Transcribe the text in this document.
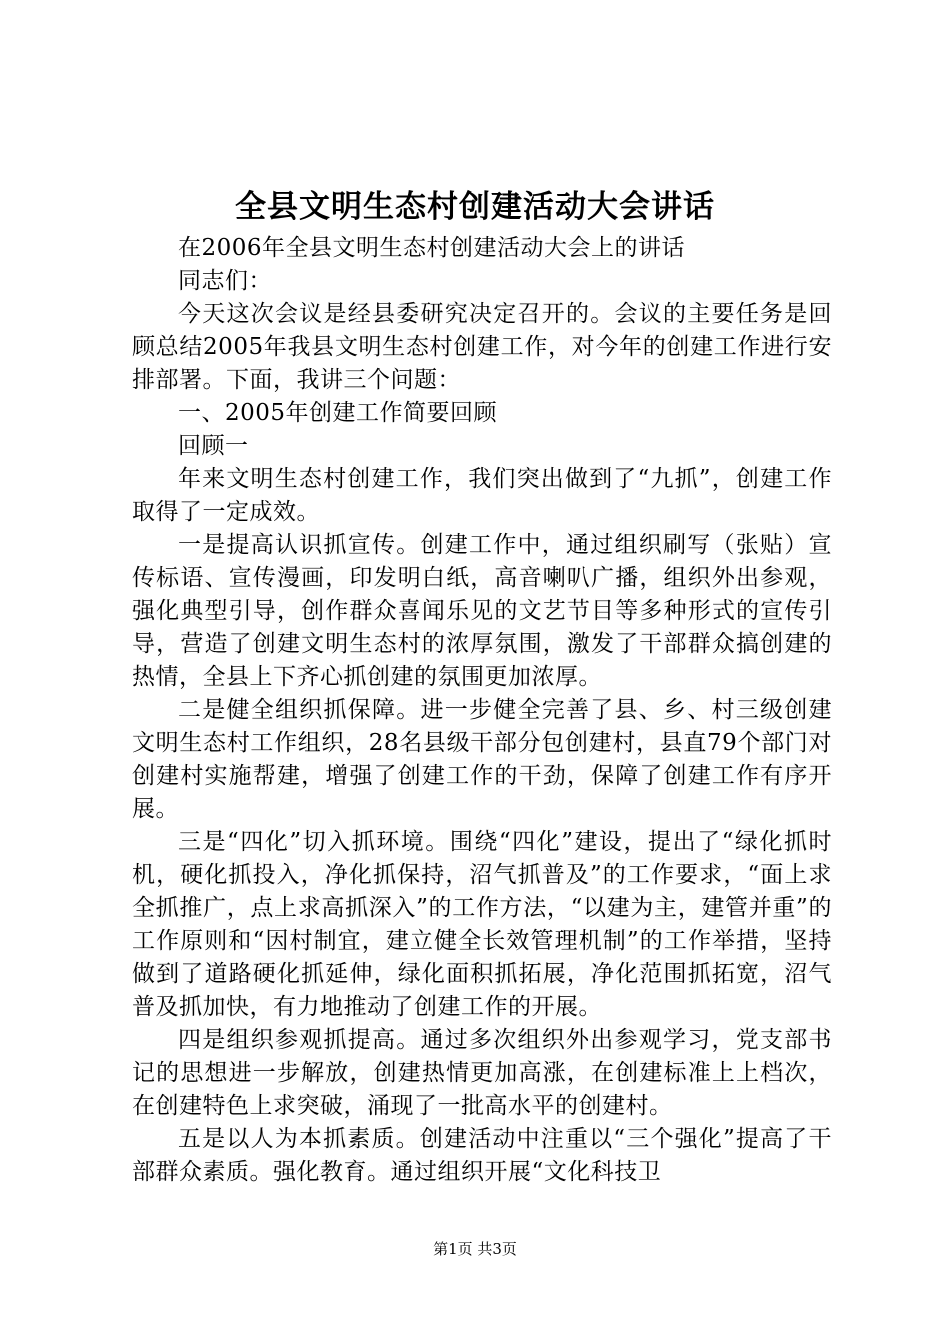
全县文明生态村创建活动大会讲话

在2006年全县文明生态村创建活动大会上的讲话

同志们：

今天这次会议是经县委研究决定召开的。会议的主要任务是回顾总结2005年我县文明生态村创建工作，对今年的创建工作进行安排部署。下面，我讲三个问题：

一、2005年创建工作简要回顾

回顾一

年来文明生态村创建工作，我们突出做到了“九抓”，创建工作取得了一定成效。

一是提高认识抓宣传。创建工作中，通过组织刷写（张贴）宣传标语、宣传漫画，印发明白纸，高音喇叭广播，组织外出参观，强化典型引导，创作群众喜闻乐见的文艺节目等多种形式的宣传引导，营造了创建文明生态村的浓厚氛围，激发了干部群众搞创建的热情，全县上下齐心抓创建的氛围更加浓厚。

二是健全组织抓保障。进一步健全完善了县、乡、村三级创建文明生态村工作组织，28名县级干部分包创建村，县直79个部门对创建村实施帮建，增强了创建工作的干劲，保障了创建工作有序开展。

三是“四化”切入抓环境。围绕“四化”建设，提出了“绿化抓时机，硬化抓投入，净化抓保持，沼气抓普及”的工作要求，“面上求全抓推广，点上求高抓深入”的工作方法，“以建为主，建管并重”的工作原则和“因村制宜，建立健全长效管理机制”的工作举措，坚持做到了道路硬化抓延伸，绿化面积抓拓展，净化范围抓拓宽，沼气普及抓加快，有力地推动了创建工作的开展。

四是组织参观抓提高。通过多次组织外出参观学习，党支部书记的思想进一步解放，创建热情更加高涨，在创建标准上上档次，在创建特色上求突破，涌现了一批高水平的创建村。

五是以人为本抓素质。创建活动中注重以“三个强化”提高了干部群众素质。强化教育。通过组织开展“文化科技卫

第1页 共3页
